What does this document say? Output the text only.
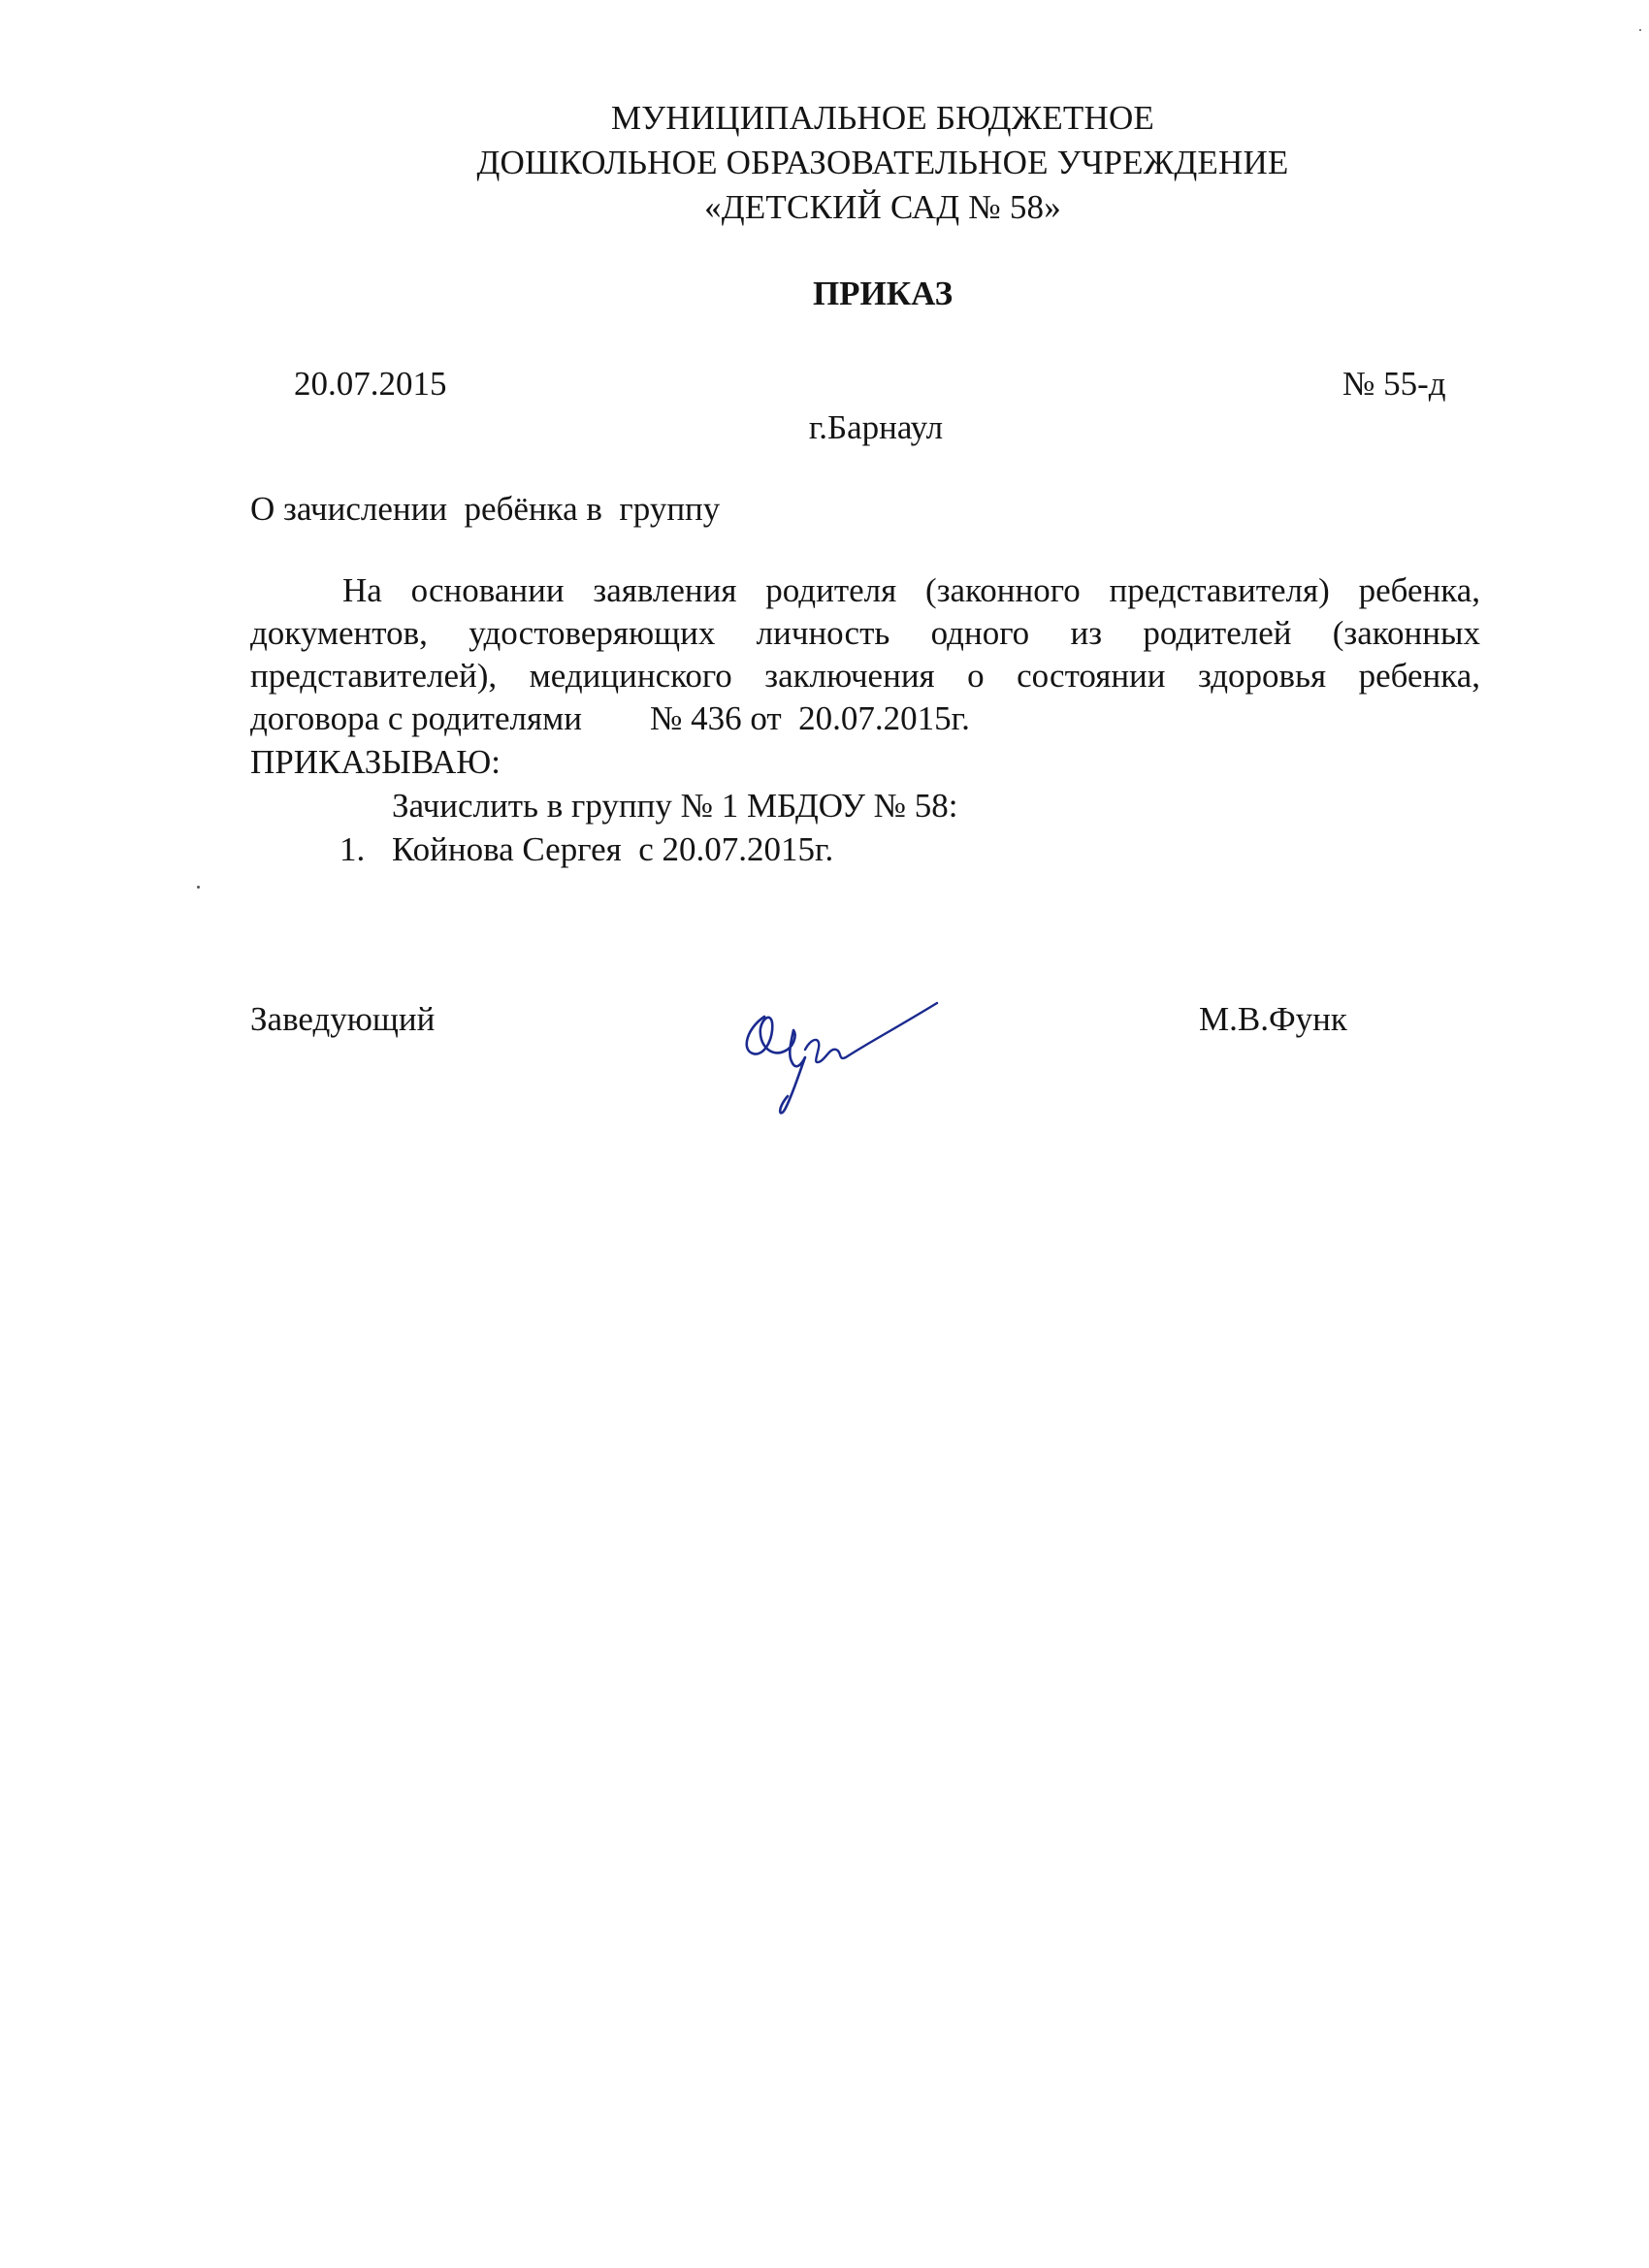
МУНИЦИПАЛЬНОЕ БЮДЖЕТНОЕ
ДОШКОЛЬНОЕ ОБРАЗОВАТЕЛЬНОЕ УЧРЕЖДЕНИЕ
«ДЕТСКИЙ САД № 58»
ПРИКАЗ
20.07.2015	№ 55-д
г.Барнаул
О зачислении  ребёнка в  группу
На основании заявления родителя (законного представителя) ребенка,
документов, удостоверяющих личность одного из родителей (законных
представителей), медицинского заключения о состоянии здоровья ребенка,
договора с родителями        № 436 от  20.07.2015г.
ПРИКАЗЫВАЮ:
Зачислить в группу № 1 МБДОУ № 58:
1. Койнова Сергея  с 20.07.2015г.
Заведующий	М.В.Функ
